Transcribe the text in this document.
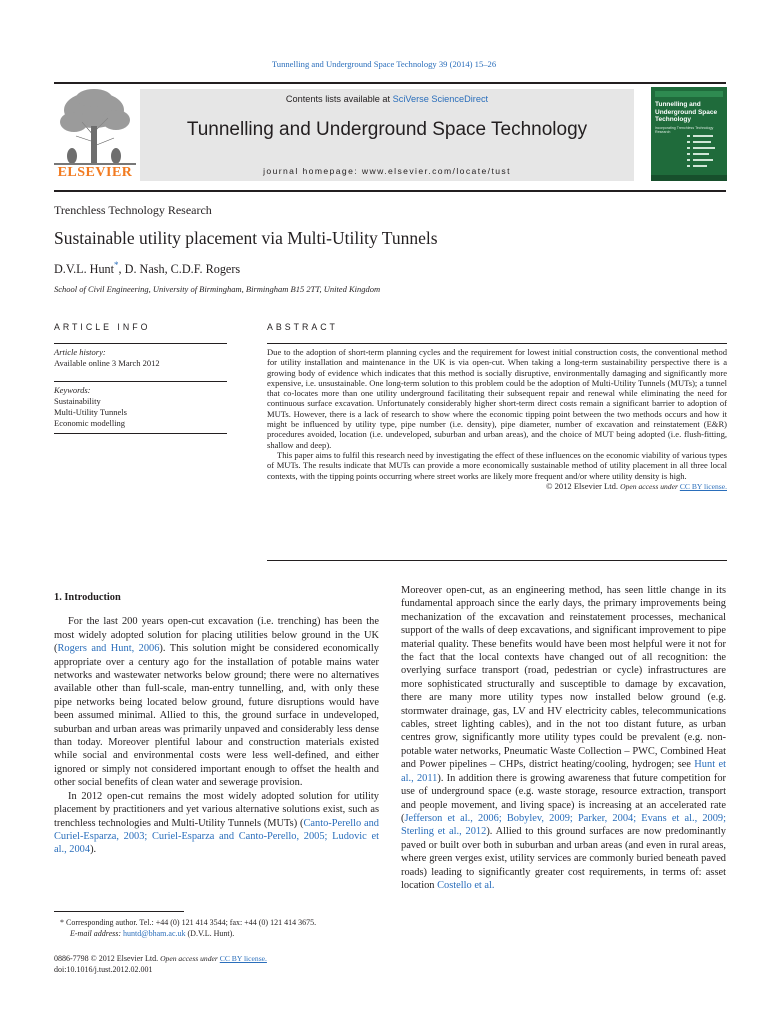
Tunnelling and Underground Space Technology 39 (2014) 15–26
ELSEVIER
Contents lists available at SciVerse ScienceDirect
Tunnelling and Underground Space Technology
journal homepage: www.elsevier.com/locate/tust
Tunnelling and Underground Space Technology
incorporating Trenchless Technology Research
Trenchless Technology Research
Sustainable utility placement via Multi-Utility Tunnels
D.V.L. Hunt*, D. Nash, C.D.F. Rogers
School of Civil Engineering, University of Birmingham, Birmingham B15 2TT, United Kingdom
ARTICLE INFO
Article history:
Available online 3 March 2012
Keywords:
Sustainability
Multi-Utility Tunnels
Economic modelling
ABSTRACT

Due to the adoption of short-term planning cycles and the requirement for lowest initial construction costs, the conventional method for utility installation and maintenance in the UK is via open-cut. When taking a long-term sustainability perspective there is a growing body of evidence which indicates that this method is socially disruptive, environmentally damaging and significantly more expensive, i.e. unsustainable. One long-term solution to this problem could be the adoption of Multi-Utility Tunnels (MUTs); a tunnel that co-locates more than one utility underground facilitating their subsequent repair and renewal while eliminating the need for continuous surface excavation. Unfortunately considerably higher short-term direct costs remain a significant barrier to adoption of MUTs. However, there is a lack of research to show where the economic tipping point between the two methods occurs and how it might be influenced by utility type, pipe number (i.e. density), pipe diameter, number of excavation and reinstatement (E&R) procedures avoided, location (i.e. undeveloped, suburban and urban areas), and the choice of MUT being adopted (i.e. flush-fitting, shallow and deep).

This paper aims to fulfil this research need by investigating the effect of these influences on the economic viability of various types of MUTs. The results indicate that MUTs can provide a more economically sustainable method of utility placement in all three local contexts, with the tipping points occurring where street works are likely more frequent and/or where utility density is high.

© 2012 Elsevier Ltd. Open access under CC BY license.

1. Introduction

For the last 200 years open-cut excavation (i.e. trenching) has been the most widely adopted solution for placing utilities below ground in the UK (Rogers and Hunt, 2006). This solution might be considered economically appropriate over a century ago for the installation of potable mains water networks and wastewater networks below ground; there were no alternatives available other than full-scale, man-entry tunnelling, and, with only these pipe networks being located below ground, future disruptions would have been assumed minimal. Allied to this, the ground surface in undeveloped, suburban and urban areas was primarily unpaved and considerably less dense than today. Moreover plentiful labour and construction materials existed while social and environmental costs were less well-defined, and either ignored or simply not considered important enough to offset the health and other social benefits of clean water and sewerage provision.

In 2012 open-cut remains the most widely adopted solution for utility placement by practitioners and yet various alternative solutions exist, such as trenchless technologies and Multi-Utility Tunnels (MUTs) (Canto-Perello and Curiel-Esparza, 2003; Curiel-Esparza and Canto-Perello, 2005; Ludovic et al., 2004).

Moreover open-cut, as an engineering method, has seen little change in its fundamental approach since the early days, the primary improvements being mechanization of the excavation and reinstatement processes, mechanical support of the walls of deep excavations, and significant improvement to pipe material quality. These benefits would have been most helpful were it not for the fact that the local contexts have changed out of all recognition: the overlying surface transport (road, pedestrian or cycle) infrastructures are more sophisticated structurally and susceptible to damage by excavation, there are many more utility types now installed below ground (e.g. stormwater drainage, gas, LV and HV electricity cables, telecommunications cables, street lighting cables), and in the not too distant future, as urban centres grow, significantly more utility types could be prevalent (e.g. non-potable water networks, Pneumatic Waste Collection – PWC, Combined Heat and Power pipelines – CHPs, district heating/cooling, hydrogen; see Hunt et al., 2011). In addition there is growing awareness that future competition for use of underground space (e.g. waste storage, resource extraction, transport and people movement, and living space) is increasing at an accelerated rate (Jefferson et al., 2006; Bobylev, 2009; Parker, 2004; Evans et al., 2009; Sterling et al., 2012). Allied to this ground surfaces are now predominantly paved or built over both in suburban and urban areas (and even in rural areas, where green verges exist, utility services are commonly buried beneath paved roads) leading to significantly greater cost requirements, in terms of: asset location Costello et al.

* Corresponding author. Tel.: +44 (0) 121 414 3544; fax: +44 (0) 121 414 3675.
E-mail address: huntd@bham.ac.uk (D.V.L. Hunt).
0886-7798 © 2012 Elsevier Ltd. Open access under CC BY license.
doi:10.1016/j.tust.2012.02.001
